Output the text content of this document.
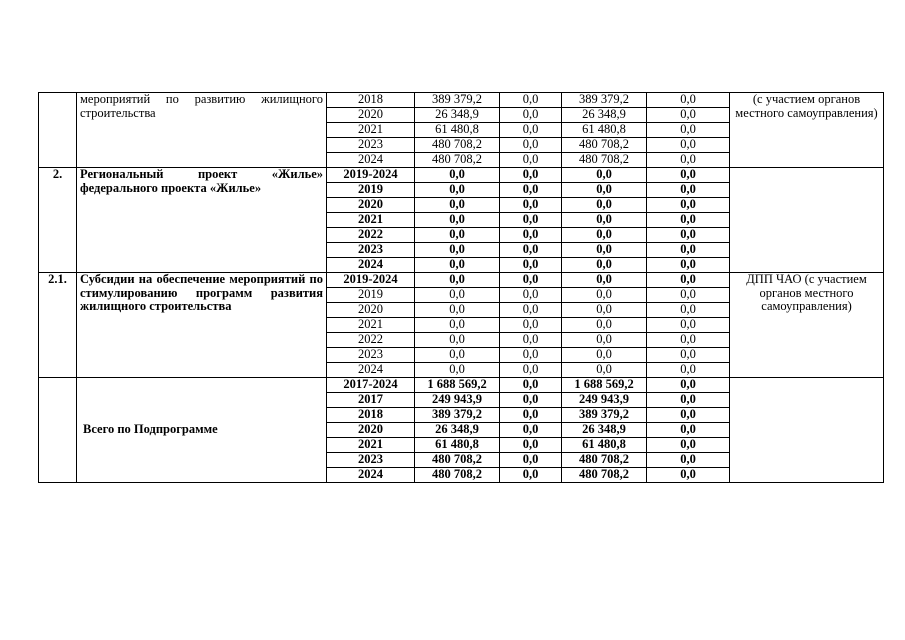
	мероприятий по развитию жилищного строительства	2018	389 379,2	0,0	389 379,2	0,0	(с участием органов местного самоуправления)
		2020	26 348,9	0,0	26 348,9	0,0	
		2021	61 480,8	0,0	61 480,8	0,0	
		2023	480 708,2	0,0	480 708,2	0,0	
		2024	480 708,2	0,0	480 708,2	0,0	
2.	Региональный проект «Жилье» федерального проекта «Жилье»	2019-2024	0,0	0,0	0,0	0,0	
		2019	0,0	0,0	0,0	0,0	
		2020	0,0	0,0	0,0	0,0	
		2021	0,0	0,0	0,0	0,0	
		2022	0,0	0,0	0,0	0,0	
		2023	0,0	0,0	0,0	0,0	
		2024	0,0	0,0	0,0	0,0	
2.1.	Субсидии на обеспечение мероприятий по стимулированию программ развития жилищного строительства	2019-2024	0,0	0,0	0,0	0,0	ДПП ЧАО (с участием органов местного самоуправления)
		2019	0,0	0,0	0,0	0,0	
		2020	0,0	0,0	0,0	0,0	
		2021	0,0	0,0	0,0	0,0	
		2022	0,0	0,0	0,0	0,0	
		2023	0,0	0,0	0,0	0,0	
		2024	0,0	0,0	0,0	0,0	
	Всего по Подпрограмме	2017-2024	1 688 569,2	0,0	1 688 569,2	0,0	
		2017	249 943,9	0,0	249 943,9	0,0	
		2018	389 379,2	0,0	389 379,2	0,0	
		2020	26 348,9	0,0	26 348,9	0,0	
		2021	61 480,8	0,0	61 480,8	0,0	
		2023	480 708,2	0,0	480 708,2	0,0	
		2024	480 708,2	0,0	480 708,2	0,0	
